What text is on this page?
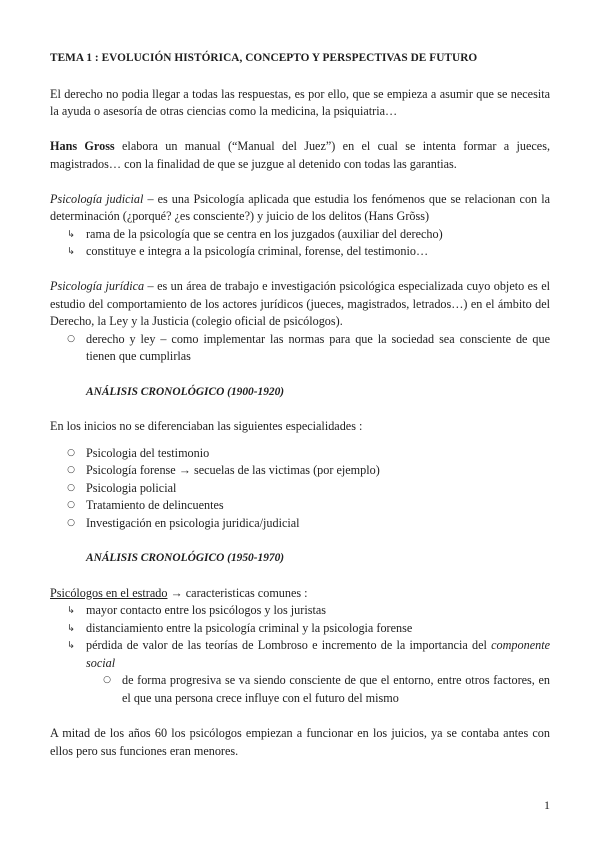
TEMA 1 : EVOLUCIÓN HISTÓRICA, CONCEPTO Y PERSPECTIVAS DE FUTURO

El derecho no podia llegar a todas las respuestas, es por ello, que se empieza a asumir que se necesita la ayuda o asesoría de otras ciencias como la medicina, la psiquiatria…

Hans Gross elabora un manual (“Manual del Juez”) en el cual se intenta formar a jueces, magistrados… con la finalidad de que se juzgue al detenido con todas las garantias.

Psicología judicial – es una Psicología aplicada que estudia los fenómenos que se relacionan con la determinación (¿porqué? ¿es consciente?) y juicio de los delitos (Hans Grõss)

↳ rama de la psicología que se centra en los juzgados (auxiliar del derecho)
↳ constituye e integra a la psicología criminal, forense, del testimonio…

Psicología jurídica – es un área de trabajo e investigación psicológica especializada cuyo objeto es el estudio del comportamiento de los actores jurídicos (jueces, magistrados, letrados…) en el ámbito del Derecho, la Ley y la Justicia (colegio oficial de psicólogos).

○ derecho y ley – como implementar las normas para que la sociedad sea consciente de que tienen que cumplirlas

ANÁLISIS CRONOLÓGICO (1900-1920)

En los inicios no se diferenciaban las siguientes especialidades :

○ Psicologia del testimonio
○ Psicología forense → secuelas de las victimas (por ejemplo)
○ Psicologia policial
○ Tratamiento de delincuentes
○ Investigación en psicologia juridica/judicial

ANÁLISIS CRONOLÓGICO (1950-1970)

Psicólogos en el estrado → caracteristicas comunes :

↳ mayor contacto entre los psicólogos y los juristas
↳ distanciamiento entre la psicología criminal y la psicologia forense
↳ pérdida de valor de las teorías de Lombroso e incremento de la importancia del componente social
○ de forma progresiva se va siendo consciente de que el entorno, entre otros factores, en el que una persona crece influye con el futuro del mismo

A mitad de los años 60 los psicólogos empiezan a funcionar en los juicios, ya se contaba antes con ellos pero sus funciones eran menores.

1
